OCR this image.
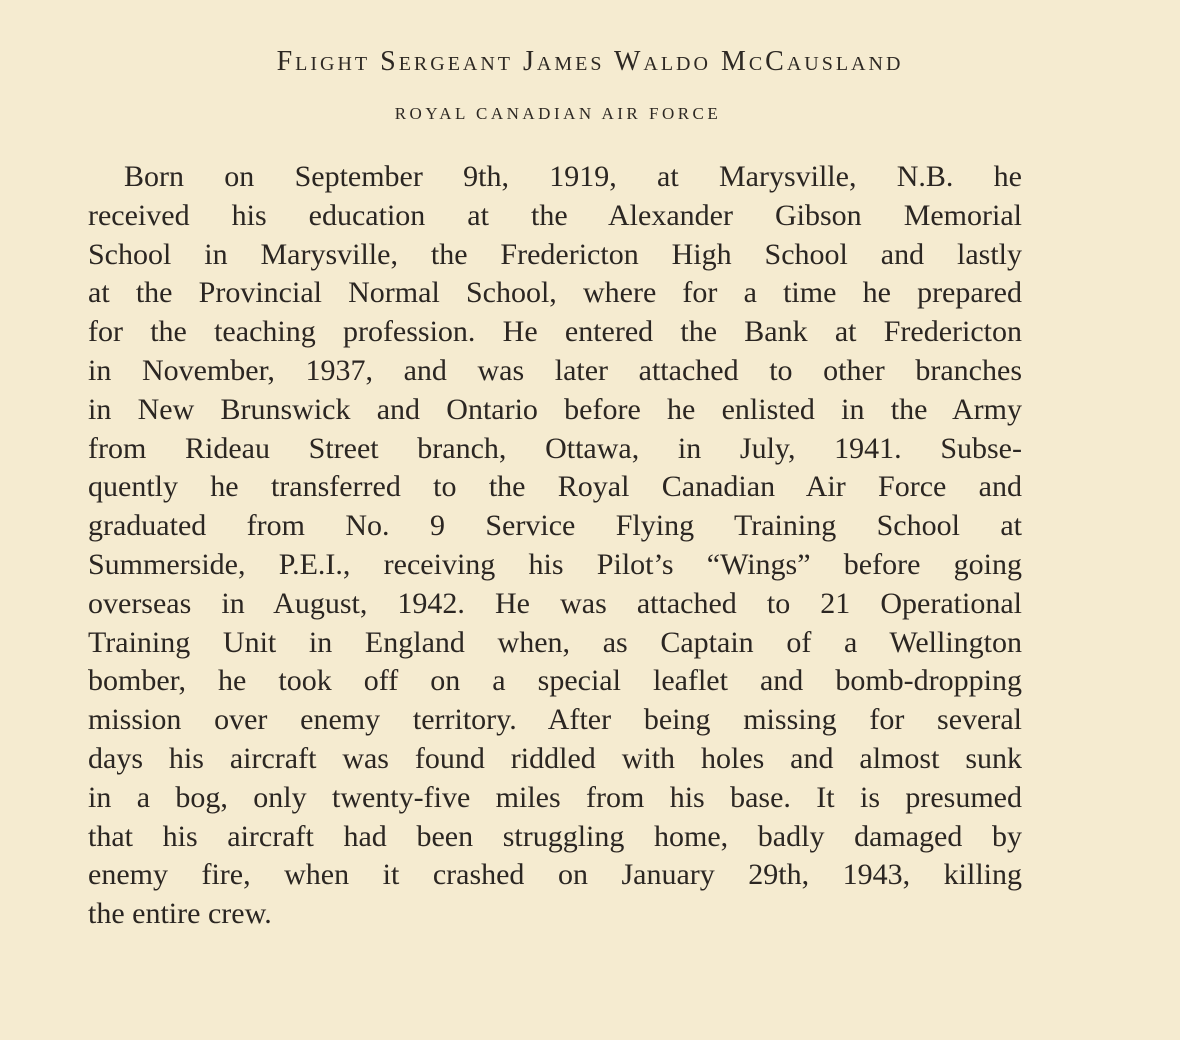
Flight Sergeant James Waldo McCausland
ROYAL CANADIAN AIR FORCE
Born on September 9th, 1919, at Marysville, N.B. he
received his education at the Alexander Gibson Memorial
School in Marysville, the Fredericton High School and lastly
at the Provincial Normal School, where for a time he prepared
for the teaching profession. He entered the Bank at Fredericton
in November, 1937, and was later attached to other branches
in New Brunswick and Ontario before he enlisted in the Army
from Rideau Street branch, Ottawa, in July, 1941. Subse-
quently he transferred to the Royal Canadian Air Force and
graduated from No. 9 Service Flying Training School at
Summerside, P.E.I., receiving his Pilot’s “Wings” before going
overseas in August, 1942. He was attached to 21 Operational
Training Unit in England when, as Captain of a Wellington
bomber, he took off on a special leaflet and bomb-dropping
mission over enemy territory. After being missing for several
days his aircraft was found riddled with holes and almost sunk
in a bog, only twenty-five miles from his base. It is presumed
that his aircraft had been struggling home, badly damaged by
enemy fire, when it crashed on January 29th, 1943, killing
the entire crew.
